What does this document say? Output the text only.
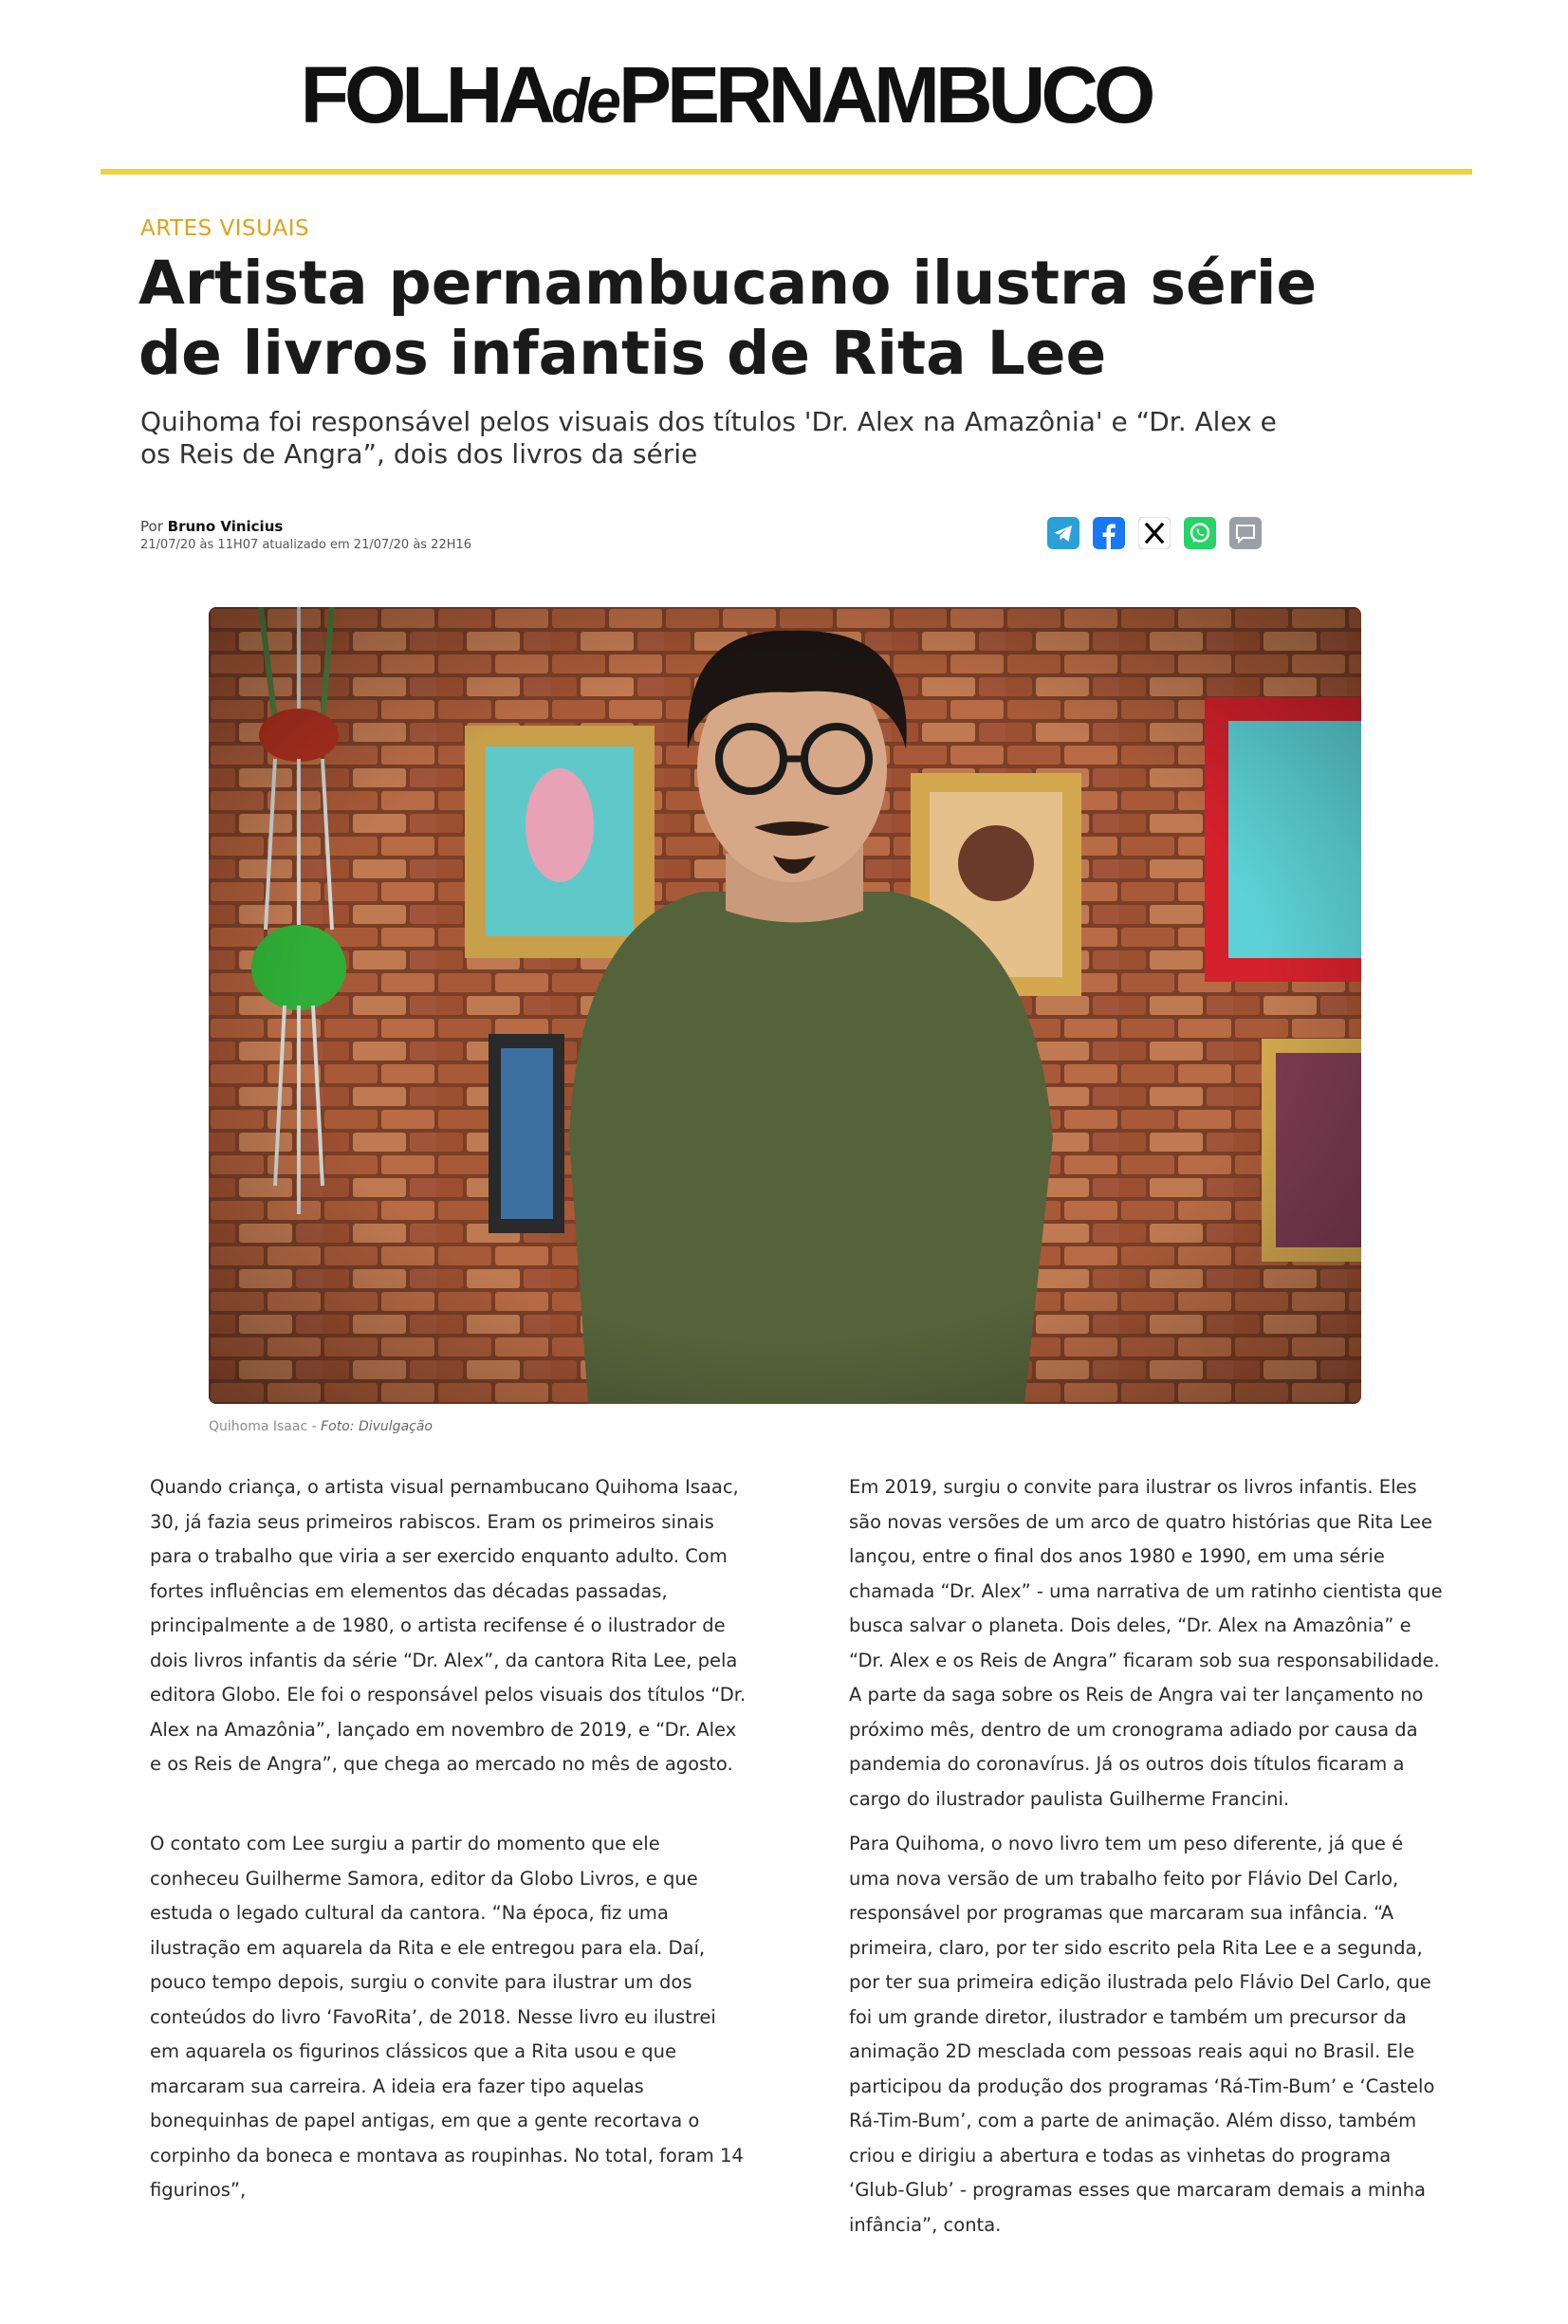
FOLHAdePERNAMBUCO
ARTES VISUAIS
Artista pernambucano ilustra série de livros infantis de Rita Lee

Quihoma foi responsável pelos visuais dos títulos 'Dr. Alex na Amazônia' e “Dr. Alex e os Reis de Angra”, dois dos livros da série

Por Bruno Vinicius
21/07/20 às 11H07 atualizado em 21/07/20 às 22H16
Quihoma Isaac - Foto: Divulgação

Quando criança, o artista visual pernambucano Quihoma Isaac, 30, já fazia seus primeiros rabiscos. Eram os primeiros sinais para o trabalho que viria a ser exercido enquanto adulto. Com fortes influências em elementos das décadas passadas, principalmente a de 1980, o artista recifense é o ilustrador de dois livros infantis da série “Dr. Alex”, da cantora Rita Lee, pela editora Globo. Ele foi o responsável pelos visuais dos títulos “Dr. Alex na Amazônia”, lançado em novembro de 2019, e “Dr. Alex e os Reis de Angra”, que chega ao mercado no mês de agosto.

O contato com Lee surgiu a partir do momento que ele conheceu Guilherme Samora, editor da Globo Livros, e que estuda o legado cultural da cantora. “Na época, fiz uma ilustração em aquarela da Rita e ele entregou para ela. Daí, pouco tempo depois, surgiu o convite para ilustrar um dos conteúdos do livro ‘FavoRita’, de 2018. Nesse livro eu ilustrei em aquarela os figurinos clássicos que a Rita usou e que marcaram sua carreira. A ideia era fazer tipo aquelas bonequinhas de papel antigas, em que a gente recortava o corpinho da boneca e montava as roupinhas. No total, foram 14 figurinos”,

Em 2019, surgiu o convite para ilustrar os livros infantis. Eles são novas versões de um arco de quatro histórias que Rita Lee lançou, entre o final dos anos 1980 e 1990, em uma série chamada “Dr. Alex” - uma narrativa de um ratinho cientista que busca salvar o planeta. Dois deles, “Dr. Alex na Amazônia” e “Dr. Alex e os Reis de Angra” ficaram sob sua responsabilidade. A parte da saga sobre os Reis de Angra vai ter lançamento no próximo mês, dentro de um cronograma adiado por causa da pandemia do coronavírus. Já os outros dois títulos ficaram a cargo do ilustrador paulista Guilherme Francini.

Para Quihoma, o novo livro tem um peso diferente, já que é uma nova versão de um trabalho feito por Flávio Del Carlo, responsável por programas que marcaram sua infância. “A primeira, claro, por ter sido escrito pela Rita Lee e a segunda, por ter sua primeira edição ilustrada pelo Flávio Del Carlo, que foi um grande diretor, ilustrador e também um precursor da animação 2D mesclada com pessoas reais aqui no Brasil. Ele participou da produção dos programas ‘Rá-Tim-Bum’ e ‘Castelo Rá-Tim-Bum’, com a parte de animação. Além disso, também criou e dirigiu a abertura e todas as vinhetas do programa ‘Glub-Glub’ - programas esses que marcaram demais a minha infância”, conta.
